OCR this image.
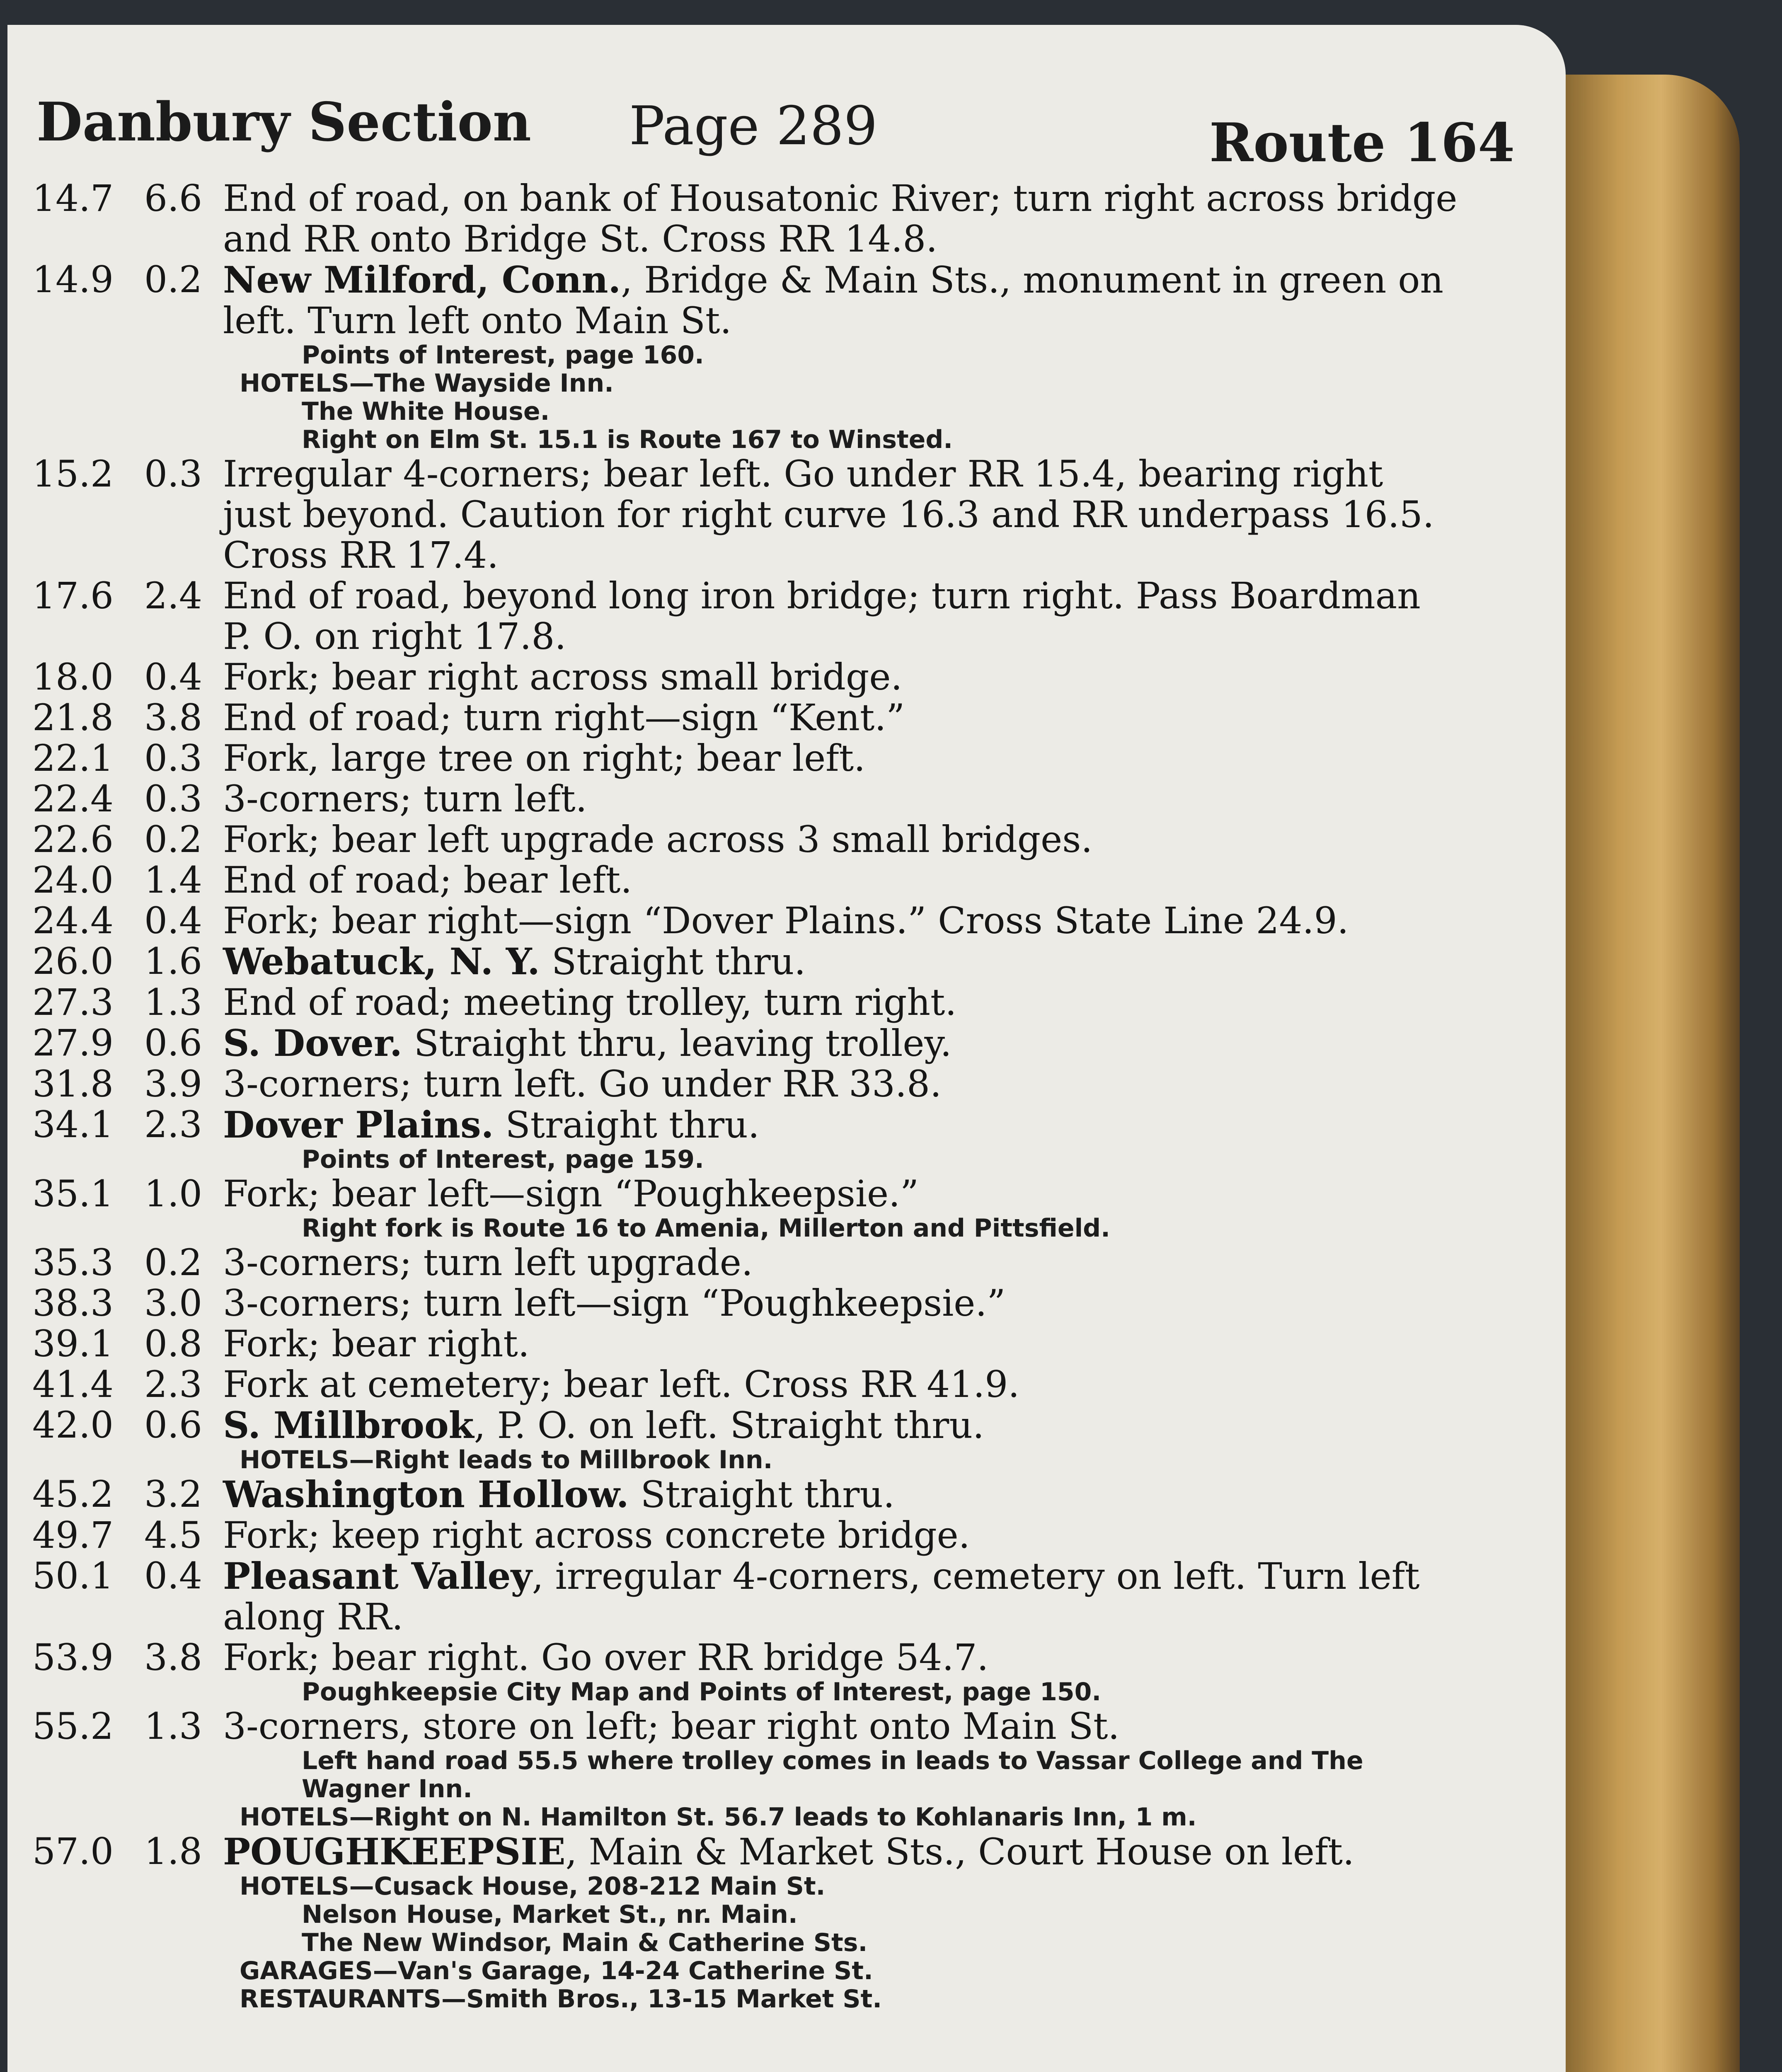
Danbury Section Page 289	Route 164
14.7 6.6 End of road, on bank of Housatonic River; turn right across bridge and RR onto Bridge St. Cross RR 14.8.
14.9 0.2 New Milford, Conn., Bridge & Main Sts., monument in green on left. Turn left onto Main St.
Points of Interest, page 160.
HOTELS—The Wayside Inn.
The White House.
Right on Elm St. 15.1 is Route 167 to Winsted.
15.2 0.3 Irregular 4-corners; bear left. Go under RR 15.4, bearing right just beyond. Caution for right curve 16.3 and RR underpass 16.5. Cross RR 17.4.
17.6 2.4 End of road, beyond long iron bridge; turn right. Pass Boardman P. O. on right 17.8.
18.0 0.4 Fork; bear right across small bridge.
21.8 3.8 End of road; turn right—sign “Kent.”
22.1 0.3 Fork, large tree on right; bear left.
22.4 0.3 3-corners; turn left.
22.6 0.2 Fork; bear left upgrade across 3 small bridges.
24.0 1.4 End of road; bear left.
24.4 0.4 Fork; bear right—sign “Dover Plains.” Cross State Line 24.9.
26.0 1.6 Webatuck, N. Y. Straight thru.
27.3 1.3 End of road; meeting trolley, turn right.
27.9 0.6 S. Dover. Straight thru, leaving trolley.
31.8 3.9 3-corners; turn left. Go under RR 33.8.
34.1 2.3 Dover Plains. Straight thru.
Points of Interest, page 159.
35.1 1.0 Fork; bear left—sign “Poughkeepsie.”
Right fork is Route 16 to Amenia, Millerton and Pittsfield.
35.3 0.2 3-corners; turn left upgrade.
38.3 3.0 3-corners; turn left—sign “Poughkeepsie.”
39.1 0.8 Fork; bear right.
41.4 2.3 Fork at cemetery; bear left. Cross RR 41.9.
42.0 0.6 S. Millbrook, P. O. on left. Straight thru.
HOTELS—Right leads to Millbrook Inn.
45.2 3.2 Washington Hollow. Straight thru.
49.7 4.5 Fork; keep right across concrete bridge.
50.1 0.4 Pleasant Valley, irregular 4-corners, cemetery on left. Turn left along RR.
53.9 3.8 Fork; bear right. Go over RR bridge 54.7.
Poughkeepsie City Map and Points of Interest, page 150.
55.2 1.3 3-corners, store on left; bear right onto Main St.
Left hand road 55.5 where trolley comes in leads to Vassar College and The Wagner Inn.
HOTELS—Right on N. Hamilton St. 56.7 leads to Kohlanaris Inn, 1 m.
57.0 1.8 POUGHKEEPSIE, Main & Market Sts., Court House on left.
HOTELS—Cusack House, 208-212 Main St.
Nelson House, Market St., nr. Main.
The New Windsor, Main & Catherine Sts.
GARAGES—Van's Garage, 14-24 Catherine St.
RESTAURANTS—Smith Bros., 13-15 Market St.
